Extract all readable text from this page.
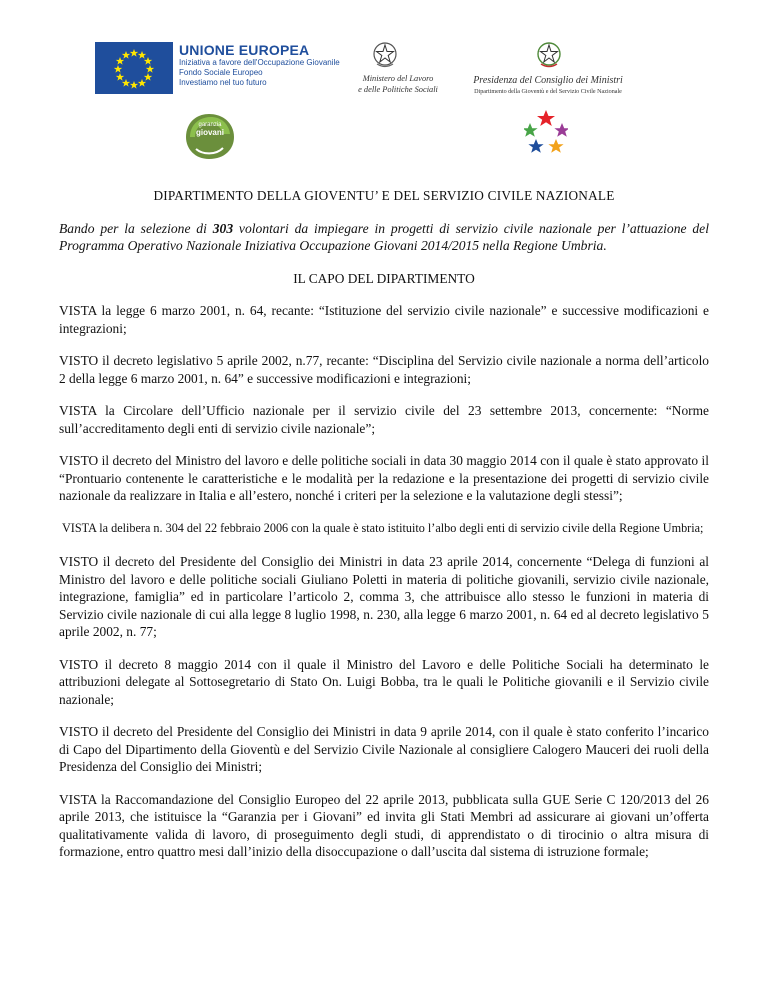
UNIONE EUROPEA
Iniziativa a favore dell'Occupazione Giovanile
Fondo Sociale Europeo
Investiamo nel tuo futuro	Ministero del Lavoro
e delle Politiche Sociali
Presidenza del Consiglio dei Ministri
Dipartimento della Gioventù e del Servizio Civile Nazionale
garanzia
giovani
DIPARTIMENTO DELLA GIOVENTU’ E DEL SERVIZIO CIVILE NAZIONALE
Bando per la selezione di 303 volontari da impiegare in progetti di servizio civile nazionale per l’attuazione del Programma Operativo Nazionale Iniziativa Occupazione Giovani 2014/2015 nella Regione Umbria.
IL CAPO DEL DIPARTIMENTO
VISTA la legge 6 marzo 2001, n. 64, recante: “Istituzione del servizio civile nazionale” e successive modificazioni e integrazioni;
VISTO il decreto legislativo 5 aprile 2002, n.77, recante: “Disciplina del Servizio civile nazionale a norma dell’articolo 2 della legge 6 marzo 2001, n. 64” e successive modificazioni e integrazioni;
VISTA la Circolare dell’Ufficio nazionale per il servizio civile del 23 settembre 2013, concernente: “Norme sull’accreditamento degli enti di servizio civile nazionale”;
VISTO il decreto del Ministro del lavoro e delle politiche sociali in data 30 maggio 2014 con il quale è stato approvato il “Prontuario contenente le caratteristiche e le modalità per la redazione e la presentazione dei progetti di servizio civile nazionale da realizzare in Italia e all’estero, nonché i criteri per la selezione e la valutazione degli stessi”;
VISTA la delibera n. 304 del 22 febbraio 2006 con la quale è stato istituito l’albo degli enti di servizio civile della Regione Umbria;
VISTO il decreto del Presidente del Consiglio dei Ministri in data 23 aprile 2014, concernente “Delega di funzioni al Ministro del lavoro e delle politiche sociali Giuliano Poletti in materia di politiche giovanili, servizio civile nazionale, integrazione, famiglia” ed in particolare l’articolo 2, comma 3, che attribuisce allo stesso le funzioni in materia di Servizio civile nazionale di cui alla legge 8 luglio 1998, n. 230, alla legge 6 marzo 2001, n. 64 ed al decreto legislativo 5 aprile 2002, n. 77;
VISTO il decreto 8 maggio 2014 con il quale il Ministro del Lavoro e delle Politiche Sociali ha determinato le attribuzioni delegate al Sottosegretario di Stato On. Luigi Bobba, tra le quali le Politiche giovanili e il Servizio civile nazionale;
VISTO il decreto del Presidente del Consiglio dei Ministri in data 9 aprile 2014, con il quale è stato conferito l’incarico di Capo del Dipartimento della Gioventù e del Servizio Civile Nazionale al consigliere Calogero Mauceri dei ruoli della Presidenza del Consiglio dei Ministri;
VISTA la Raccomandazione del Consiglio Europeo del 22 aprile 2013, pubblicata sulla GUE Serie C 120/2013 del 26 aprile 2013, che istituisce la “Garanzia per i Giovani” ed invita gli Stati Membri ad assicurare ai giovani un’offerta qualitativamente valida di lavoro, di proseguimento degli studi, di apprendistato o di tirocinio o altra misura di formazione, entro quattro mesi dall’inizio della disoccupazione o dall’uscita dal sistema di istruzione formale;
